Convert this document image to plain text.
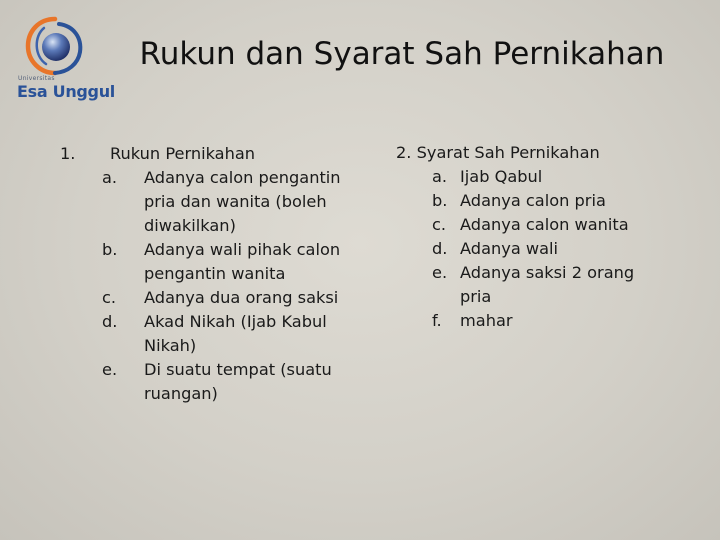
Universitas
Esa Unggul
Rukun dan Syarat Sah Pernikahan
1. Rukun Pernikahan
a. Adanya calon pengantin pria dan wanita (boleh diwakilkan)
b. Adanya wali pihak calon pengantin wanita
c. Adanya dua orang saksi
d. Akad Nikah (Ijab Kabul Nikah)
e. Di suatu tempat (suatu ruangan)
2. Syarat Sah Pernikahan
a. Ijab Qabul
b. Adanya calon pria
c. Adanya calon wanita
d. Adanya wali
e. Adanya saksi 2 orang pria
f. mahar
